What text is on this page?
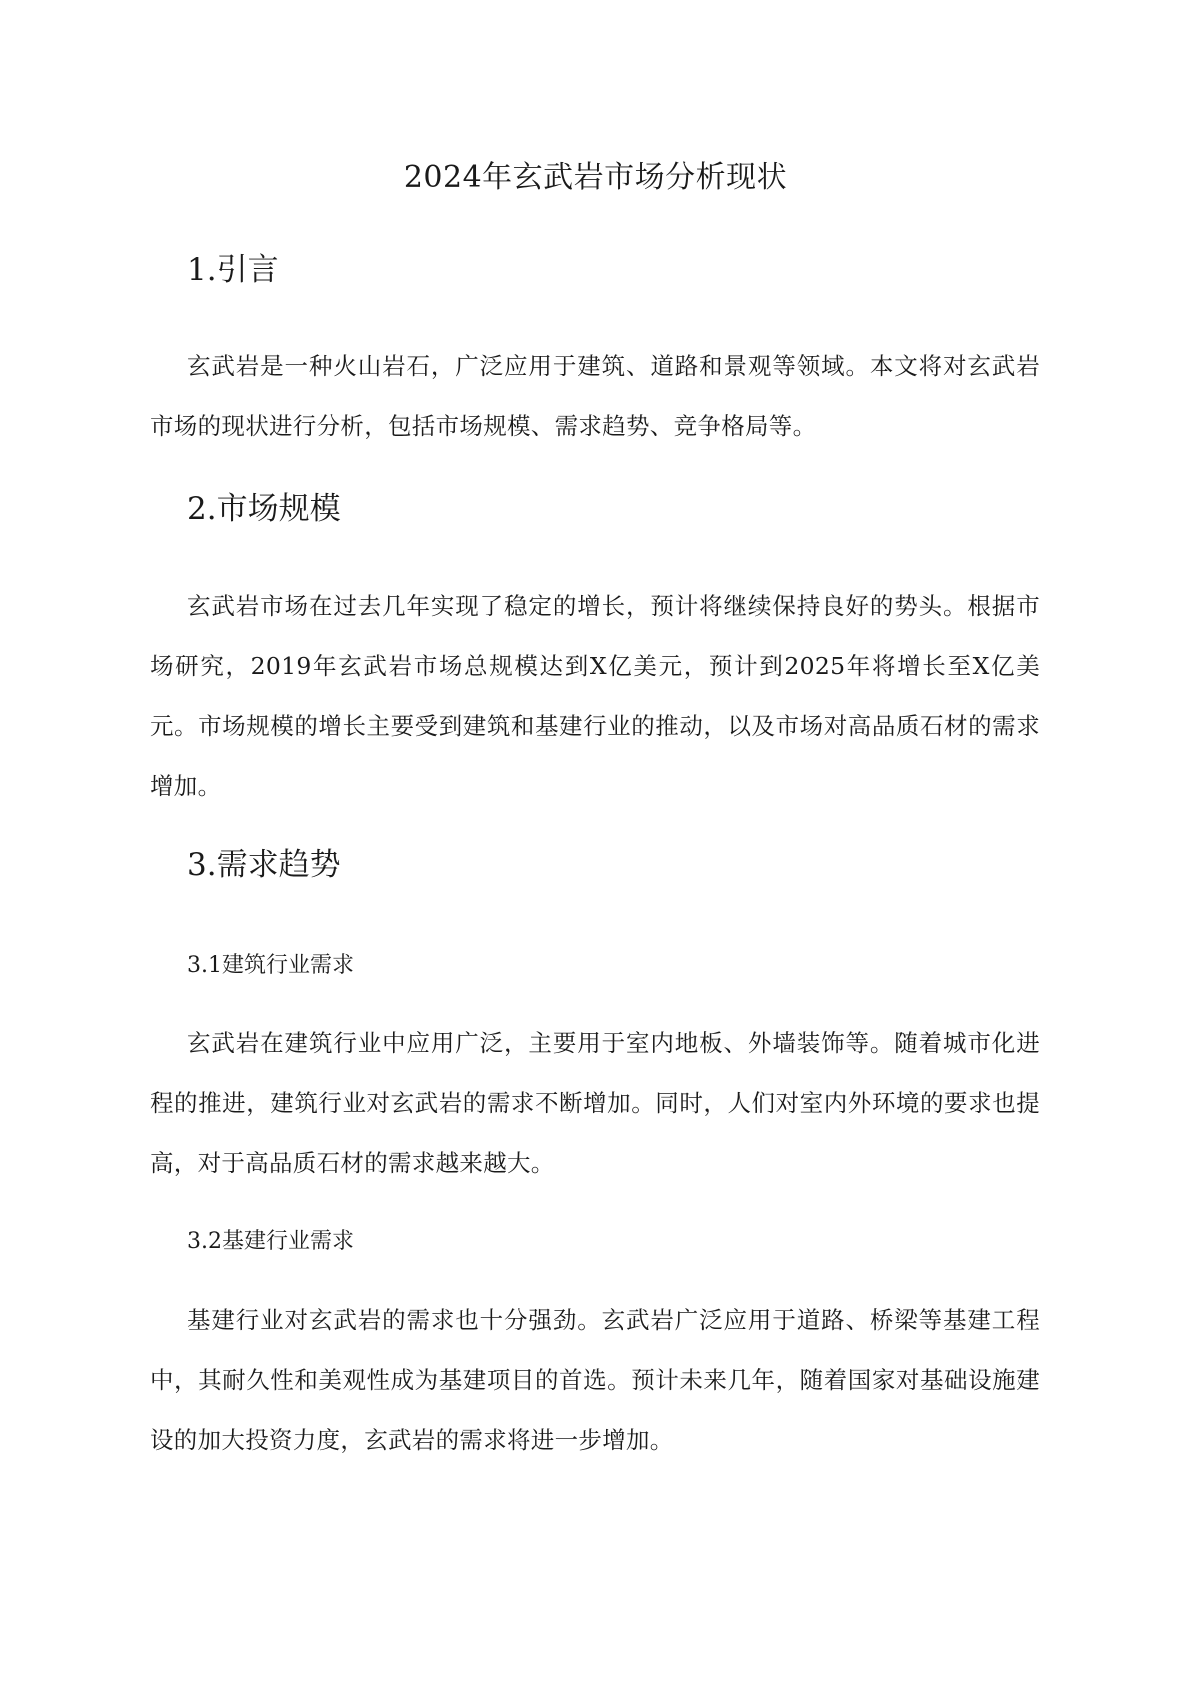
2024年玄武岩市场分析现状
1.引言

玄武岩是一种火山岩石，广泛应用于建筑、道路和景观等领域。本文将对玄武岩市场的现状进行分析，包括市场规模、需求趋势、竞争格局等。

2.市场规模

玄武岩市场在过去几年实现了稳定的增长，预计将继续保持良好的势头。根据市场研究，2019年玄武岩市场总规模达到X亿美元，预计到2025年将增长至X亿美元。市场规模的增长主要受到建筑和基建行业的推动，以及市场对高品质石材的需求增加。

3.需求趋势
3.1建筑行业需求

玄武岩在建筑行业中应用广泛，主要用于室内地板、外墙装饰等。随着城市化进程的推进，建筑行业对玄武岩的需求不断增加。同时，人们对室内外环境的要求也提高，对于高品质石材的需求越来越大。

3.2基建行业需求

基建行业对玄武岩的需求也十分强劲。玄武岩广泛应用于道路、桥梁等基建工程中，其耐久性和美观性成为基建项目的首选。预计未来几年，随着国家对基础设施建设的加大投资力度，玄武岩的需求将进一步增加。
